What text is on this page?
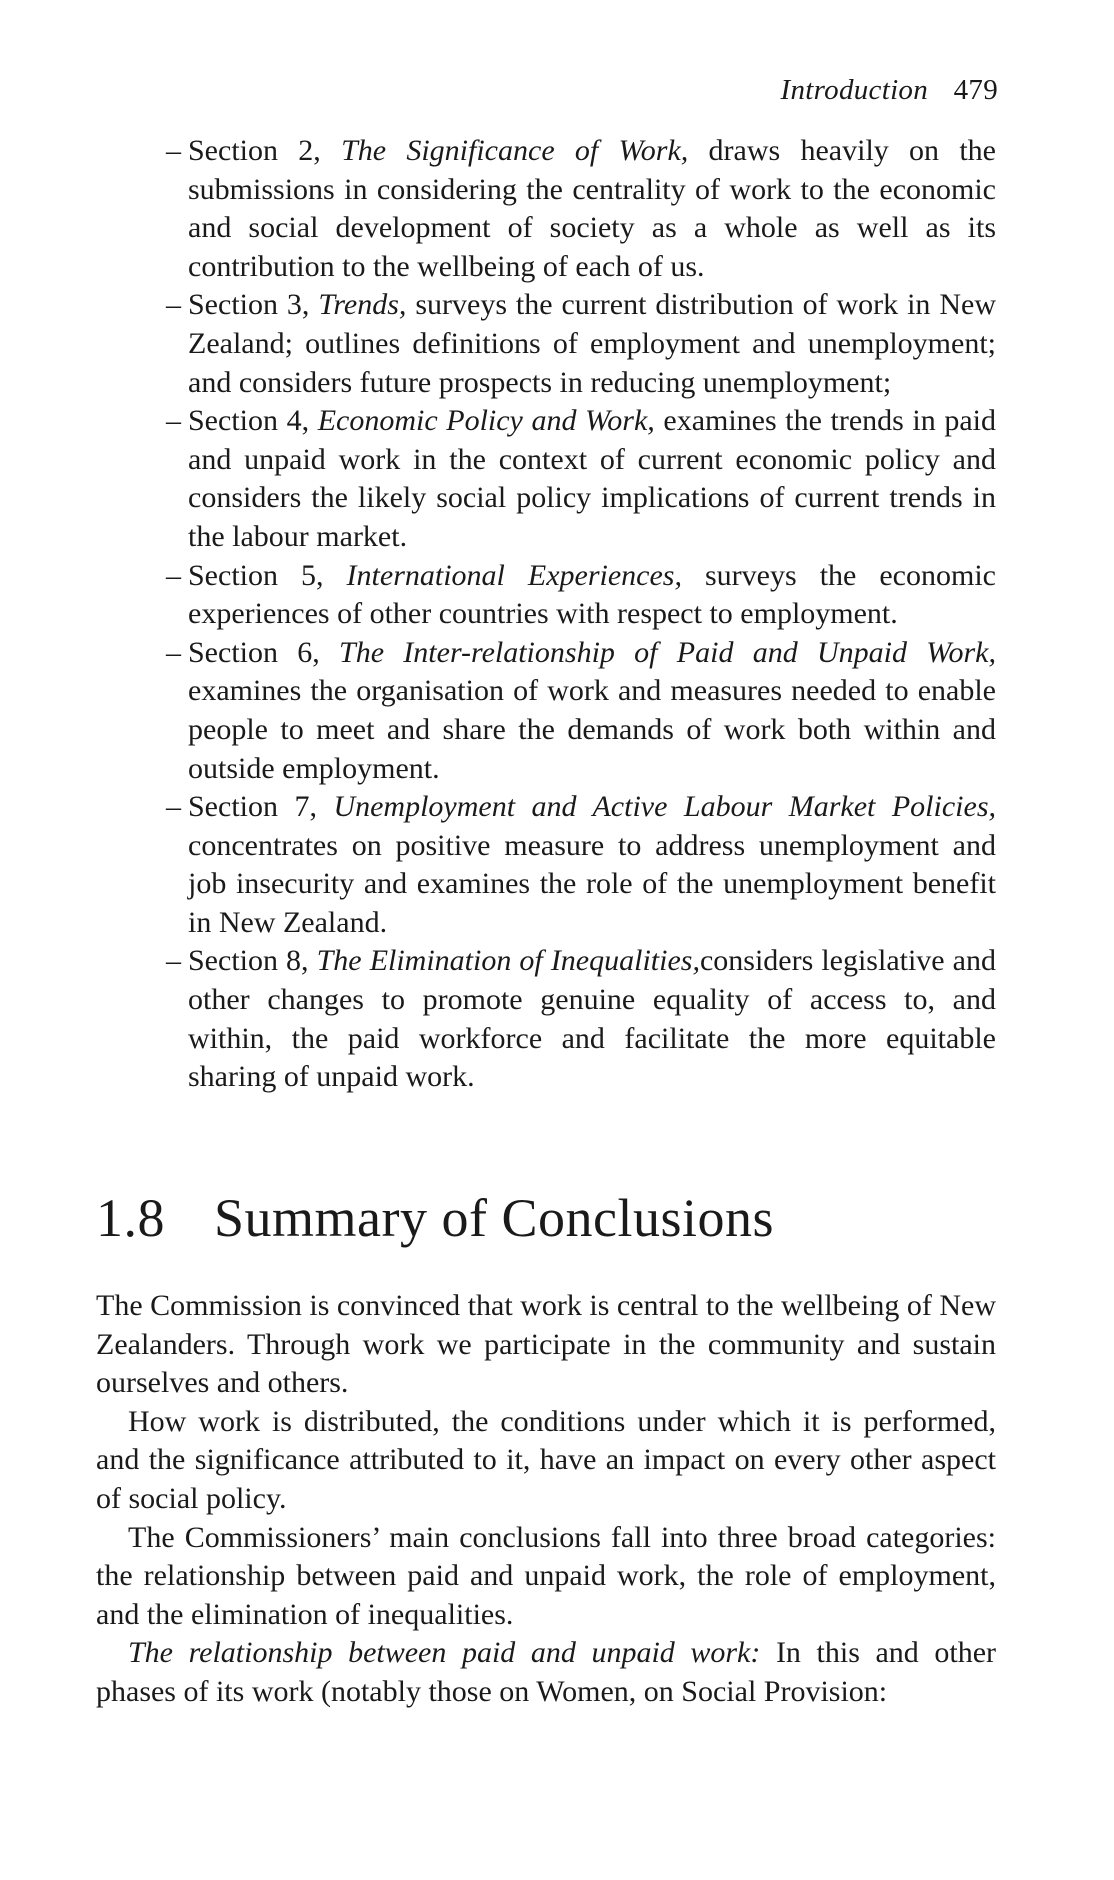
Introduction 479
– Section 2, The Significance of Work, draws heavily on the submissions in considering the centrality of work to the economic and social development of society as a whole as well as its contribution to the wellbeing of each of us.
– Section 3, Trends, surveys the current distribution of work in New Zealand; outlines definitions of employment and unemployment; and considers future prospects in reducing unemployment;
– Section 4, Economic Policy and Work, examines the trends in paid and unpaid work in the context of current economic policy and considers the likely social policy implications of current trends in the labour market.
– Section 5, International Experiences, surveys the economic experiences of other countries with respect to employment.
– Section 6, The Inter-relationship of Paid and Unpaid Work, examines the organisation of work and measures needed to enable people to meet and share the demands of work both within and outside employment.
– Section 7, Unemployment and Active Labour Market Policies, concentrates on positive measure to address unemployment and job insecurity and examines the role of the unemployment benefit in New Zealand.
– Section 8, The Elimination of Inequalities,considers legislative and other changes to promote genuine equality of access to, and within, the paid workforce and facilitate the more equitable sharing of unpaid work.
1.8 Summary of Conclusions

The Commission is convinced that work is central to the wellbeing of New Zealanders. Through work we participate in the community and sustain ourselves and others.

How work is distributed, the conditions under which it is performed, and the significance attributed to it, have an impact on every other aspect of social policy.

The Commissioners’ main conclusions fall into three broad categories: the relationship between paid and unpaid work, the role of employment, and the elimination of inequalities.

The relationship between paid and unpaid work: In this and other phases of its work (notably those on Women, on Social Provision:
